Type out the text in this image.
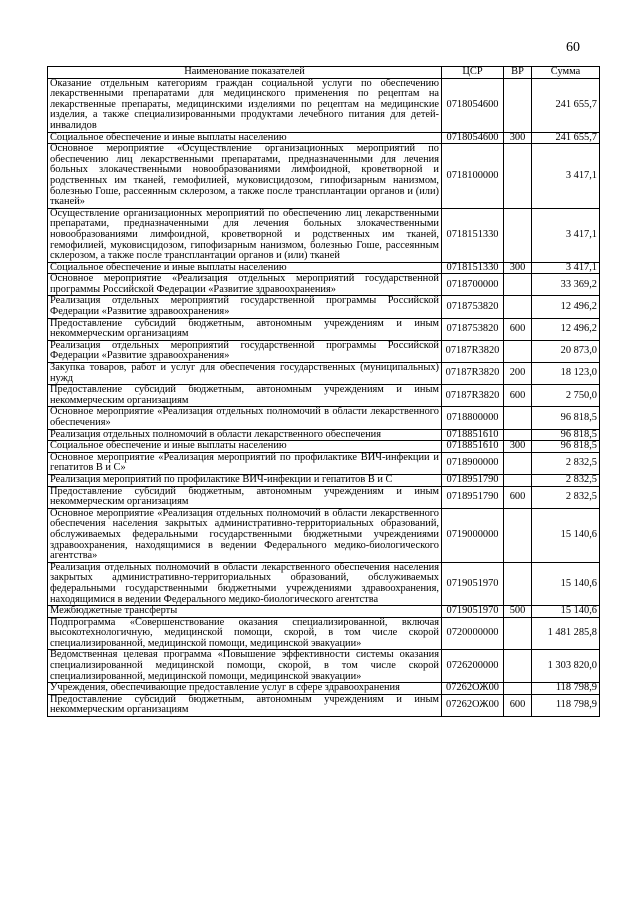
60
Наименование показателей	ЦСР	ВР	Сумма
Оказание отдельным категориям граждан социальной услуги по обеспечению лекарственными препаратами для медицинского применения по рецептам на лекарственные препараты, медицинскими изделиями по рецептам на медицинские изделия, а также специализированными продуктами лечебного питания для детей-инвалидов	0718054600		241 655,7
Социальное обеспечение и иные выплаты населению	0718054600	300	241 655,7
Основное мероприятие «Осуществление организационных мероприятий по обеспечению лиц лекарственными препаратами, предназначенными для лечения больных злокачественными новообразованиями лимфоидной, кроветворной и родственных им тканей, гемофилией, муковисцидозом, гипофизарным нанизмом, болезнью Гоше, рассеянным склерозом, а также после трансплантации органов и (или) тканей»	0718100000		3 417,1
Осуществление организационных мероприятий по обеспечению лиц лекарственными препаратами, предназначенными для лечения больных злокачественными новообразованиями лимфоидной, кроветворной и родственных им тканей, гемофилией, муковисцидозом, гипофизарным нанизмом, болезнью Гоше, рассеянным склерозом, а также после трансплантации органов и (или) тканей	0718151330		3 417,1
Социальное обеспечение и иные выплаты населению	0718151330	300	3 417,1
Основное мероприятие «Реализация отдельных мероприятий государственной программы Российской Федерации «Развитие здравоохранения»	0718700000		33 369,2
Реализация отдельных мероприятий государственной программы Российской Федерации «Развитие здравоохранения»	0718753820		12 496,2
Предоставление субсидий бюджетным, автономным учреждениям и иным некоммерческим организациям	0718753820	600	12 496,2
Реализация отдельных мероприятий государственной программы Российской Федерации «Развитие здравоохранения»	07187R3820		20 873,0
Закупка товаров, работ и услуг для обеспечения государственных (муниципальных) нужд	07187R3820	200	18 123,0
Предоставление субсидий бюджетным, автономным учреждениям и иным некоммерческим организациям	07187R3820	600	2 750,0
Основное мероприятие «Реализация отдельных полномочий в области лекарственного обеспечения»	0718800000		96 818,5
Реализация отдельных полномочий в области лекарственного обеспечения	0718851610		96 818,5
Социальное обеспечение и иные выплаты населению	0718851610	300	96 818,5
Основное мероприятие «Реализация мероприятий по профилактике ВИЧ-инфекции и гепатитов В и С»	0718900000		2 832,5
Реализация мероприятий по профилактике ВИЧ-инфекции и гепатитов В и С	0718951790		2 832,5
Предоставление субсидий бюджетным, автономным учреждениям и иным некоммерческим организациям	0718951790	600	2 832,5
Основное мероприятие «Реализация отдельных полномочий в области лекарственного обеспечения населения закрытых административно-территориальных образований, обслуживаемых федеральными государственными бюджетными учреждениями здравоохранения, находящимися в ведении Федерального медико-биологического агентства»	0719000000		15 140,6
Реализация отдельных полномочий в области лекарственного обеспечения населения закрытых административно-территориальных образований, обслуживаемых федеральными государственными бюджетными учреждениями здравоохранения, находящимися в ведении Федерального медико-биологического агентства	0719051970		15 140,6
Межбюджетные трансферты	0719051970	500	15 140,6
Подпрограмма «Совершенствование оказания специализированной, включая высокотехнологичную, медицинской помощи, скорой, в том числе скорой специализированной, медицинской помощи, медицинской эвакуации»	0720000000		1 481 285,8
Ведомственная целевая программа «Повышение эффективности системы оказания специализированной медицинской помощи, скорой, в том числе скорой специализированной, медицинской помощи, медицинской эвакуации»	0726200000		1 303 820,0
Учреждения, обеспечивающие предоставление услуг в сфере здравоохранения	07262ОЖ00		118 798,9
Предоставление субсидий бюджетным, автономным учреждениям и иным некоммерческим организациям	07262ОЖ00	600	118 798,9
